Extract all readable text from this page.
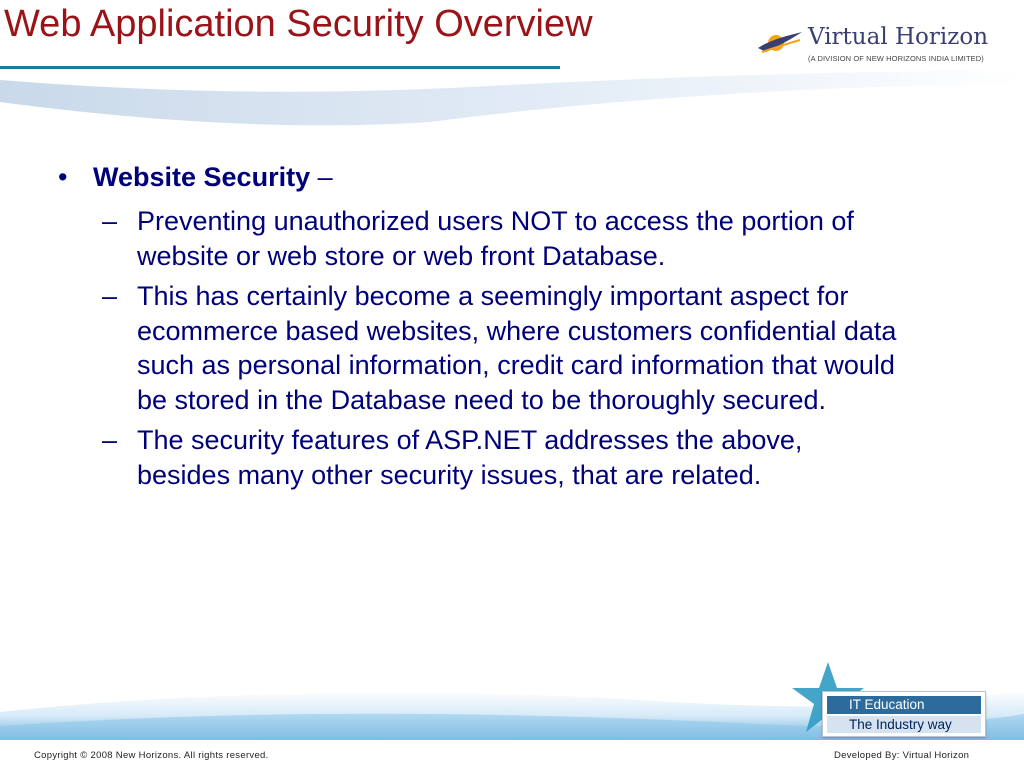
Web Application Security Overview	Virtual Horizon
(A DIVISION OF NEW HORIZONS INDIA LIMITED)
• Website Security –
– Preventing unauthorized users NOT to access the portion of website or web store or web front Database.
– This has certainly become a seemingly important aspect for ecommerce based websites, where customers confidential data such as personal information, credit card information that would be stored in the Database need to be thoroughly secured.
– The security features of ASP.NET addresses the above, besides many other security issues, that are related.
IT Education
The Industry way
Copyright © 2008 New Horizons. All rights reserved.	Developed By: Virtual Horizon
